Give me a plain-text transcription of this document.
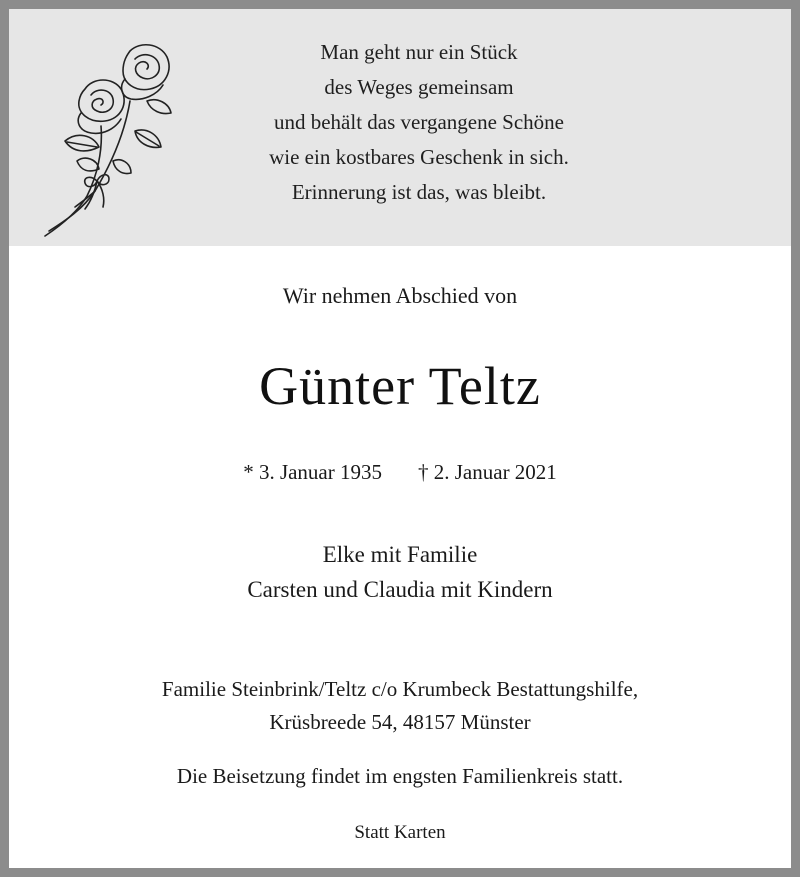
Man geht nur ein Stück
des Weges gemeinsam
und behält das vergangene Schöne
wie ein kostbares Geschenk in sich.
Erinnerung ist das, was bleibt.
Wir nehmen Abschied von
Günter Teltz
* 3. Januar 1935 † 2. Januar 2021
Elke mit Familie
Carsten und Claudia mit Kindern
Familie Steinbrink/Teltz c/o Krumbeck Bestattungshilfe,
Krüsbreede 54, 48157 Münster
Die Beisetzung findet im engsten Familienkreis statt.
Statt Karten
